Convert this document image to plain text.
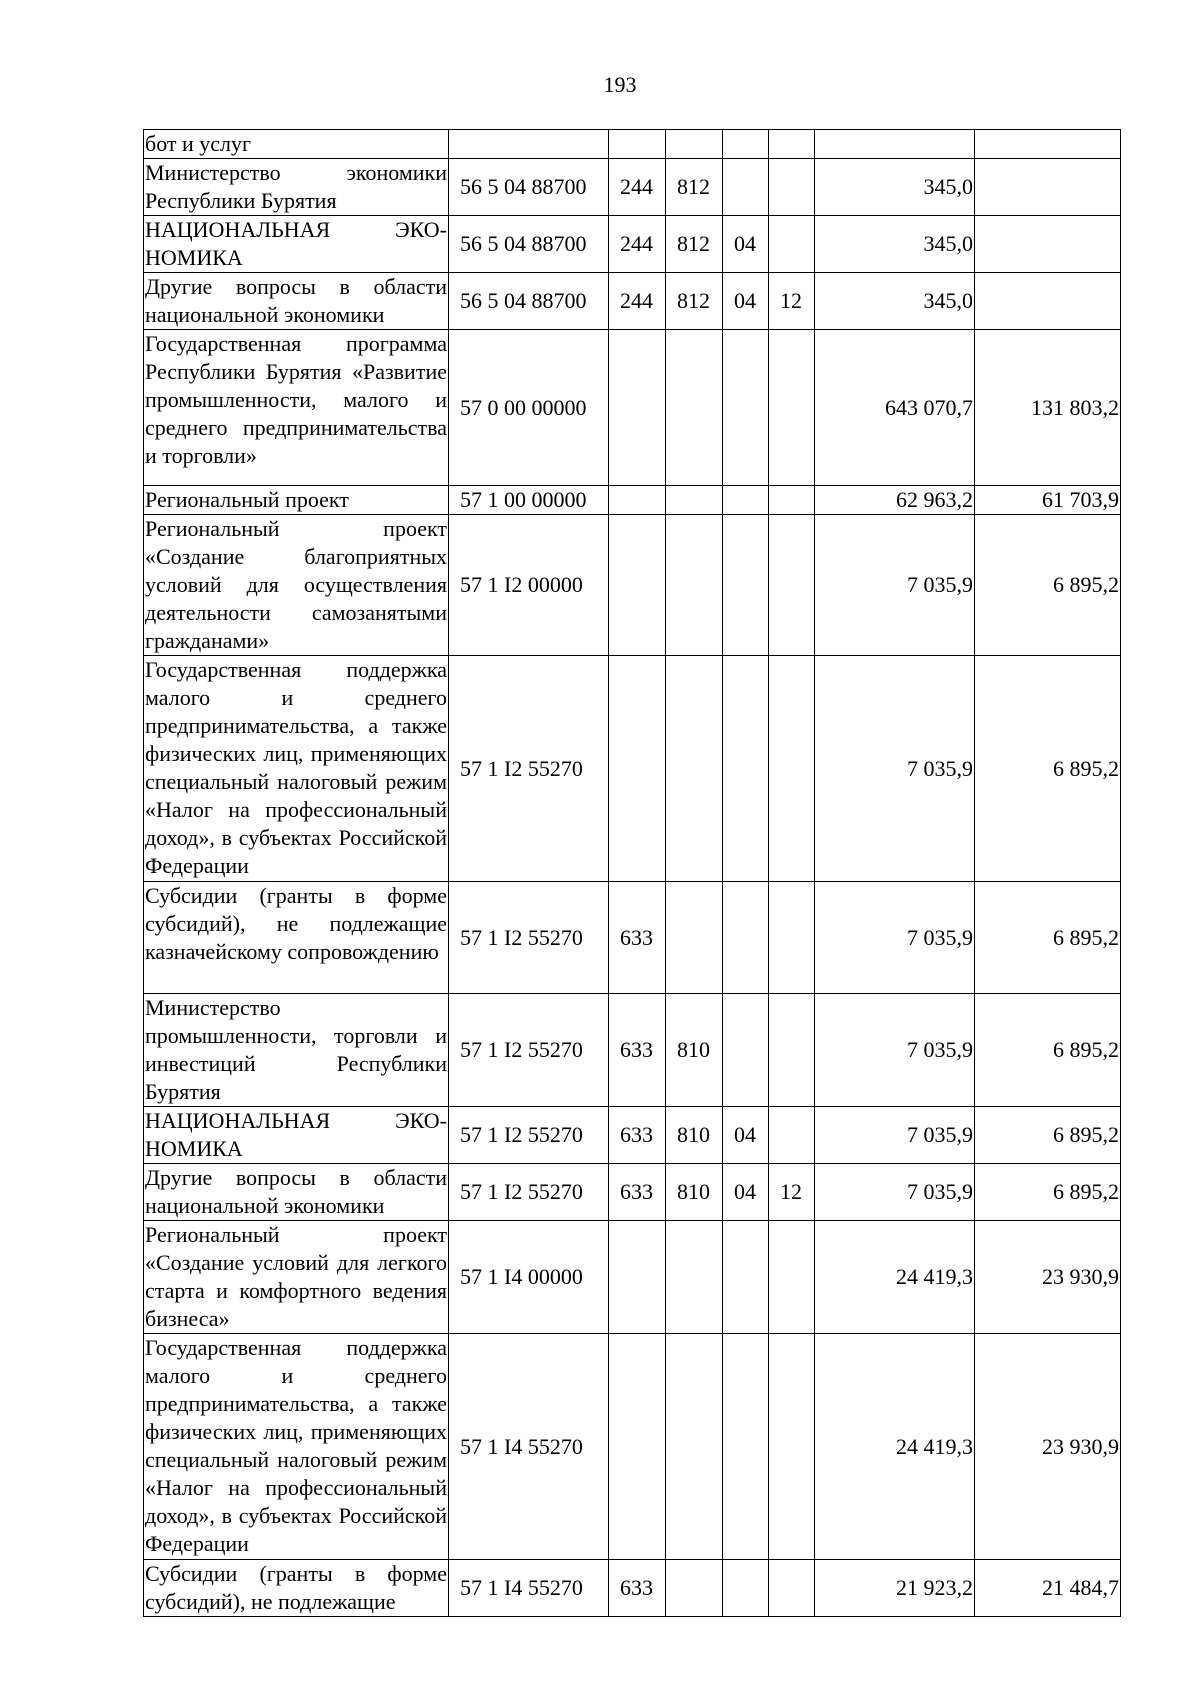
193
бот и услуг							
Министерство экономики Республики Бурятия	56 5 04 88700	244	812			345,0	
НАЦИОНАЛЬНАЯ ЭКО-НОМИКА	56 5 04 88700	244	812	04		345,0	
Другие вопросы в области национальной экономики	56 5 04 88700	244	812	04	12	345,0	
Государственная программа Республики Бурятия «Развитие промышленности, малого и среднего предпринимательства и торговли»	57 0 00 00000					643 070,7	131 803,2
Региональный проект	57 1 00 00000					62 963,2	61 703,9
Региональный проект «Создание благоприятных условий для осуществления деятельности самозанятыми гражданами»	57 1 I2 00000					7 035,9	6 895,2
Государственная поддержка малого и среднего предпринимательства, а также физических лиц, применяющих специальный налоговый режим «Налог на профессиональный доход», в субъектах Российской Федерации	57 1 I2 55270					7 035,9	6 895,2
Субсидии (гранты в форме субсидий), не подлежащие казначейскому сопровождению	57 1 I2 55270	633				7 035,9	6 895,2
Министерство промышленности, торговли и инвестиций Республики Бурятия	57 1 I2 55270	633	810			7 035,9	6 895,2
НАЦИОНАЛЬНАЯ ЭКО-НОМИКА	57 1 I2 55270	633	810	04		7 035,9	6 895,2
Другие вопросы в области национальной экономики	57 1 I2 55270	633	810	04	12	7 035,9	6 895,2
Региональный проект «Создание условий для легкого старта и комфортного ведения бизнеса»	57 1 I4 00000					24 419,3	23 930,9
Государственная поддержка малого и среднего предпринимательства, а также физических лиц, применяющих специальный налоговый режим «Налог на профессиональный доход», в субъектах Российской Федерации	57 1 I4 55270					24 419,3	23 930,9
Субсидии (гранты в форме субсидий), не подлежащие	57 1 I4 55270	633				21 923,2	21 484,7
